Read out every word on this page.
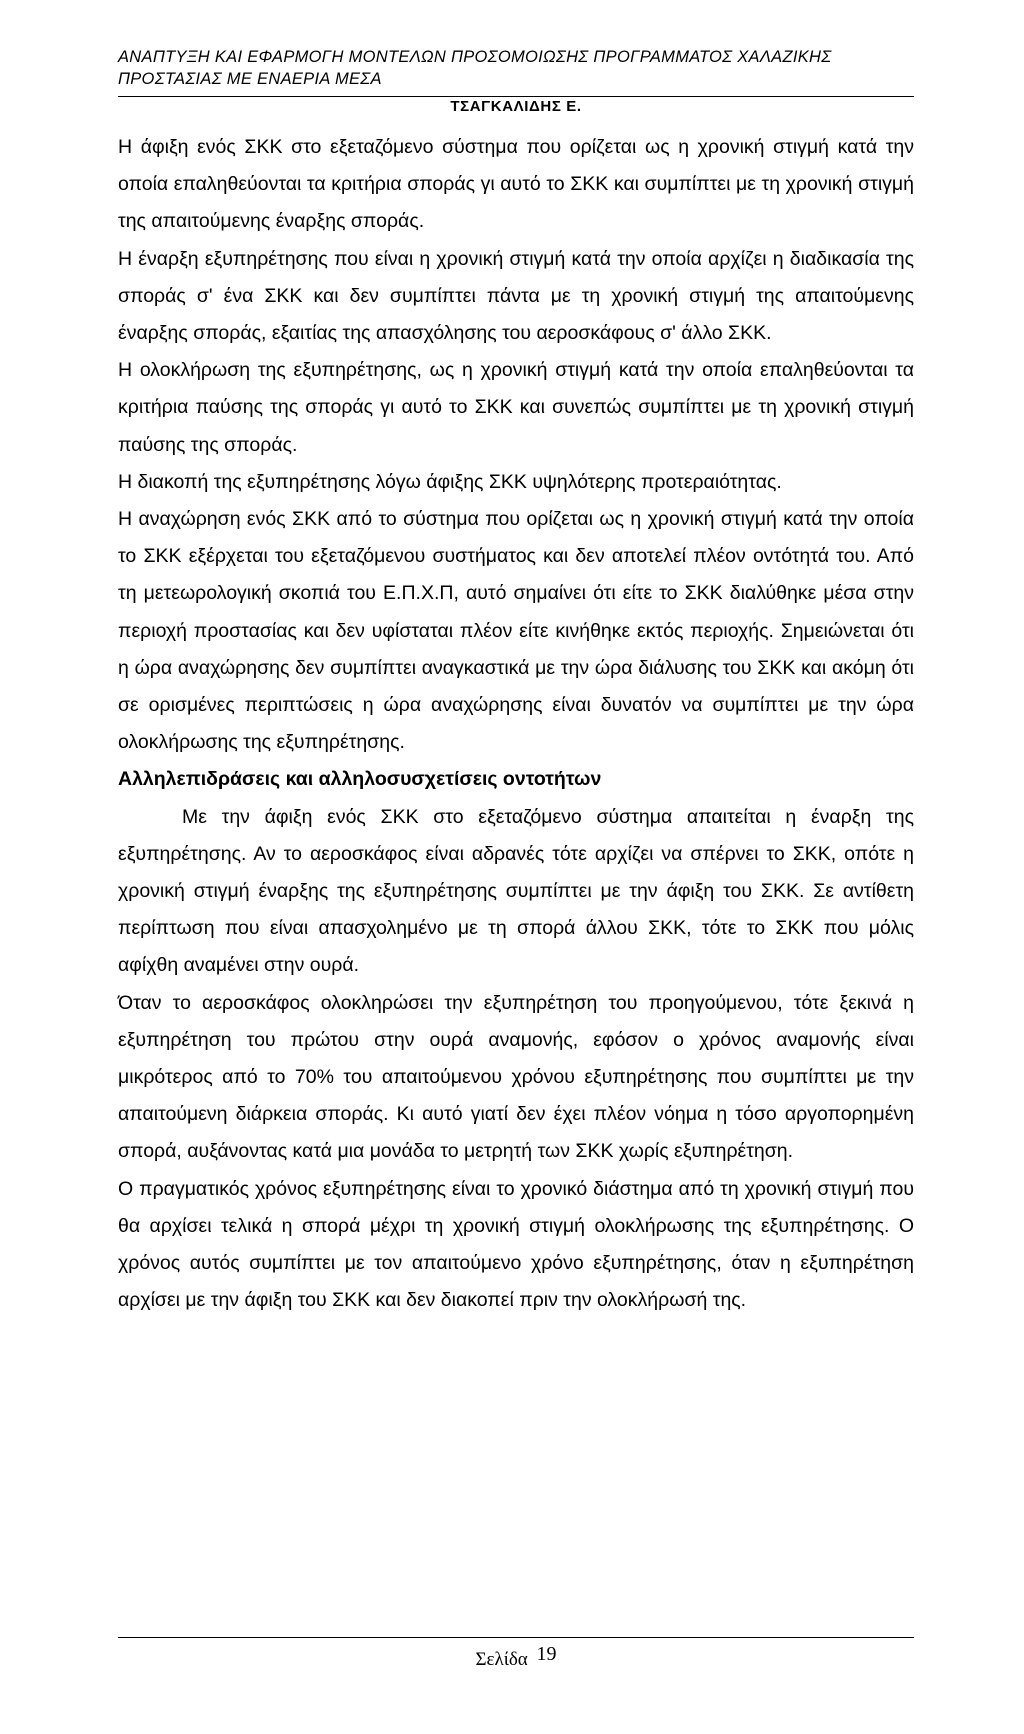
ΑΝΑΠΤΥΞΗ ΚΑΙ ΕΦΑΡΜΟΓΗ ΜΟΝΤΕΛΩΝ ΠΡΟΣΟΜΟΙΩΣΗΣ ΠΡΟΓΡΑΜΜΑΤΟΣ ΧΑΛΑΖΙΚΗΣ ΠΡΟΣΤΑΣΙΑΣ ΜΕ ΕΝΑΕΡΙΑ ΜΕΣΑ
ΤΣΑΓΚΑΛΙΔΗΣ Ε.

Η άφιξη ενός ΣΚΚ στο εξεταζόμενο σύστημα που ορίζεται ως η χρονική στιγμή κατά την οποία επαληθεύονται τα κριτήρια σποράς γι αυτό το ΣΚΚ και συμπίπτει με τη χρονική στιγμή της απαιτούμενης έναρξης σποράς.

Η έναρξη εξυπηρέτησης που είναι η χρονική στιγμή κατά την οποία αρχίζει η διαδικασία της σποράς σ' ένα ΣΚΚ και δεν συμπίπτει πάντα με τη χρονική στιγμή της απαιτούμενης έναρξης σποράς, εξαιτίας της απασχόλησης του αεροσκάφους σ' άλλο ΣΚΚ.

Η ολοκλήρωση της εξυπηρέτησης, ως η χρονική στιγμή κατά την οποία επαληθεύονται τα κριτήρια παύσης της σποράς γι αυτό το ΣΚΚ και συνεπώς συμπίπτει με τη χρονική στιγμή παύσης της σποράς.

Η διακοπή της εξυπηρέτησης λόγω άφιξης ΣΚΚ υψηλότερης προτεραιότητας.

Η αναχώρηση ενός ΣΚΚ από το σύστημα που ορίζεται ως η χρονική στιγμή κατά την οποία το ΣΚΚ εξέρχεται του εξεταζόμενου συστήματος και δεν αποτελεί πλέον οντότητά του. Από τη μετεωρολογική σκοπιά του Ε.Π.Χ.Π, αυτό σημαίνει ότι είτε το ΣΚΚ διαλύθηκε μέσα στην περιοχή προστασίας και δεν υφίσταται πλέον είτε κινήθηκε εκτός περιοχής. Σημειώνεται ότι η ώρα αναχώρησης δεν συμπίπτει αναγκαστικά με την ώρα διάλυσης του ΣΚΚ και ακόμη ότι σε ορισμένες περιπτώσεις η ώρα αναχώρησης είναι δυνατόν να συμπίπτει με την ώρα ολοκλήρωσης της εξυπηρέτησης.

Αλληλεπιδράσεις και αλληλοσυσχετίσεις οντοτήτων

Με την άφιξη ενός ΣΚΚ στο εξεταζόμενο σύστημα απαιτείται η έναρξη της εξυπηρέτησης. Αν το αεροσκάφος είναι αδρανές τότε αρχίζει να σπέρνει το ΣΚΚ, οπότε η χρονική στιγμή έναρξης της εξυπηρέτησης συμπίπτει με την άφιξη του ΣΚΚ. Σε αντίθετη περίπτωση που είναι απασχολημένο με τη σπορά άλλου ΣΚΚ, τότε το ΣΚΚ που μόλις αφίχθη αναμένει στην ουρά.

Όταν το αεροσκάφος ολοκληρώσει την εξυπηρέτηση του προηγούμενου, τότε ξεκινά η εξυπηρέτηση του πρώτου στην ουρά αναμονής, εφόσον ο χρόνος αναμονής είναι μικρότερος από το 70% του απαιτούμενου χρόνου εξυπηρέτησης που συμπίπτει με την απαιτούμενη διάρκεια σποράς. Κι αυτό γιατί δεν έχει πλέον νόημα η τόσο αργοπορημένη σπορά, αυξάνοντας κατά μια μονάδα το μετρητή των ΣΚΚ χωρίς εξυπηρέτηση.

Ο πραγματικός χρόνος εξυπηρέτησης είναι το χρονικό διάστημα από τη χρονική στιγμή που θα αρχίσει τελικά η σπορά μέχρι τη χρονική στιγμή ολοκλήρωσης της εξυπηρέτησης. Ο χρόνος αυτός συμπίπτει με τον απαιτούμενο χρόνο εξυπηρέτησης, όταν η εξυπηρέτηση αρχίσει με την άφιξη του ΣΚΚ και δεν διακοπεί πριν την ολοκλήρωσή της.

Σελίδα 19
